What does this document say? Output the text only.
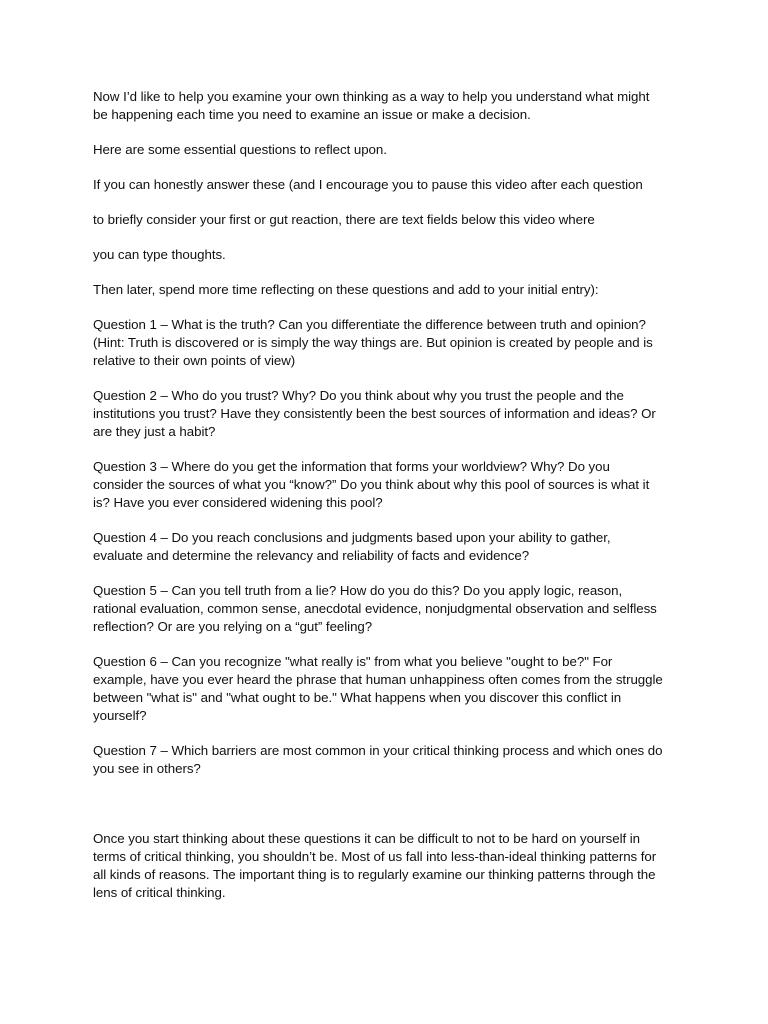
Now I’d like to help you examine your own thinking as a way to help you understand what might be happening each time you need to examine an issue or make a decision.

Here are some essential questions to reflect upon.

If you can honestly answer these (and I encourage you to pause this video after each question

to briefly consider your first or gut reaction, there are text fields below this video where

you can type thoughts.

Then later, spend more time reflecting on these questions and add to your initial entry):

Question 1 – What is the truth? Can you differentiate the difference between truth and opinion? (Hint: Truth is discovered or is simply the way things are. But opinion is created by people and is relative to their own points of view)

Question 2 – Who do you trust? Why? Do you think about why you trust the people and the institutions you trust? Have they consistently been the best sources of information and ideas? Or are they just a habit?

Question 3 – Where do you get the information that forms your worldview? Why? Do you consider the sources of what you “know?” Do you think about why this pool of sources is what it is? Have you ever considered widening this pool?

Question 4 – Do you reach conclusions and judgments based upon your ability to gather, evaluate and determine the relevancy and reliability of facts and evidence?

Question 5 – Can you tell truth from a lie? How do you do this? Do you apply logic, reason, rational evaluation, common sense, anecdotal evidence, nonjudgmental observation and selfless reflection? Or are you relying on a “gut” feeling?

Question 6 – Can you recognize "what really is" from what you believe "ought to be?" For example, have you ever heard the phrase that human unhappiness often comes from the struggle between "what is" and "what ought to be." What happens when you discover this conflict in yourself?

Question 7 – Which barriers are most common in your critical thinking process and which ones do you see in others?

Once you start thinking about these questions it can be difficult to not to be hard on yourself in terms of critical thinking, you shouldn’t be. Most of us fall into less-than-ideal thinking patterns for all kinds of reasons. The important thing is to regularly examine our thinking patterns through the lens of critical thinking.
